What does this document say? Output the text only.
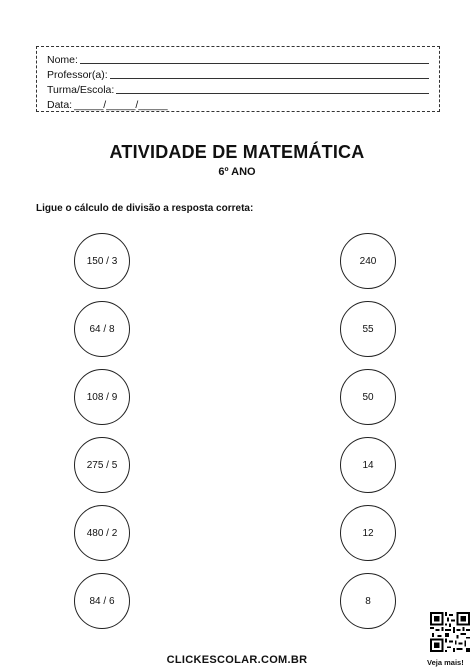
Nome:
Professor(a):
Turma/Escola:
Data: _____/_____/_____
ATIVIDADE DE MATEMÁTICA
6º ANO
Ligue o cálculo de divisão a resposta correta:
150 / 3
64 / 8
108 / 9
275 / 5
480 / 2
84 / 6
240
55
50
14
12
8
CLICKESCOLAR.COM.BR	Veja mais!
